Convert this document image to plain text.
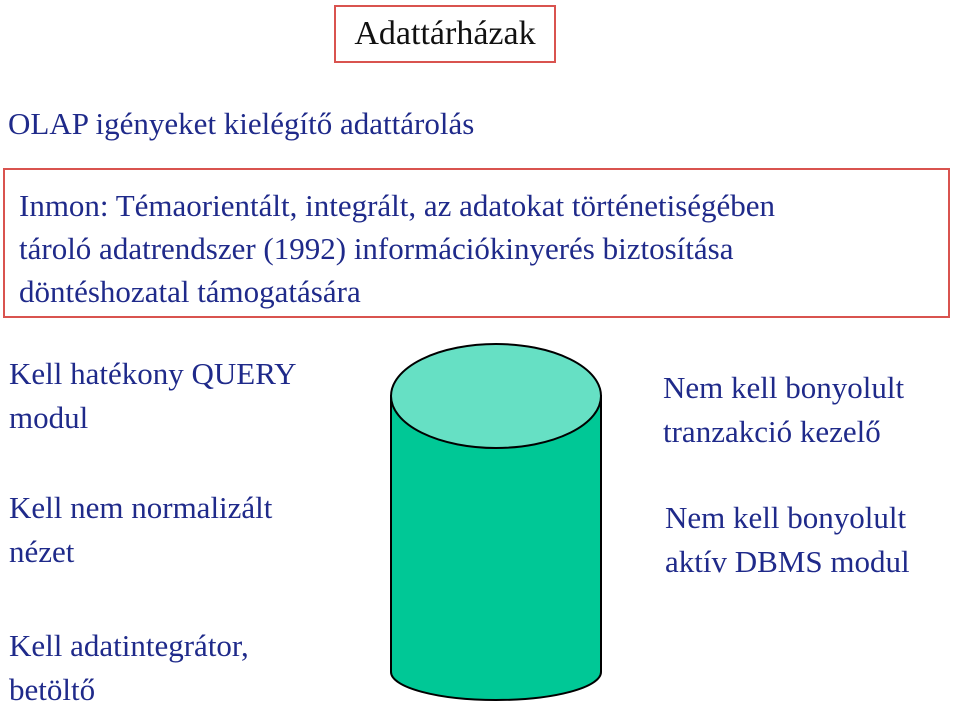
Adattárházak
OLAP igényeket kielégítő adattárolás
Inmon: Témaorientált, integrált, az adatokat történetiségében
tároló adatrendszer (1992) információkinyerés biztosítása
döntéshozatal támogatására
Kell hatékony QUERY
modul
Kell nem normalizált
nézet
Kell adatintegrátor,
betöltő
Nem kell bonyolult
tranzakció kezelő
Nem kell bonyolult
aktív DBMS modul
